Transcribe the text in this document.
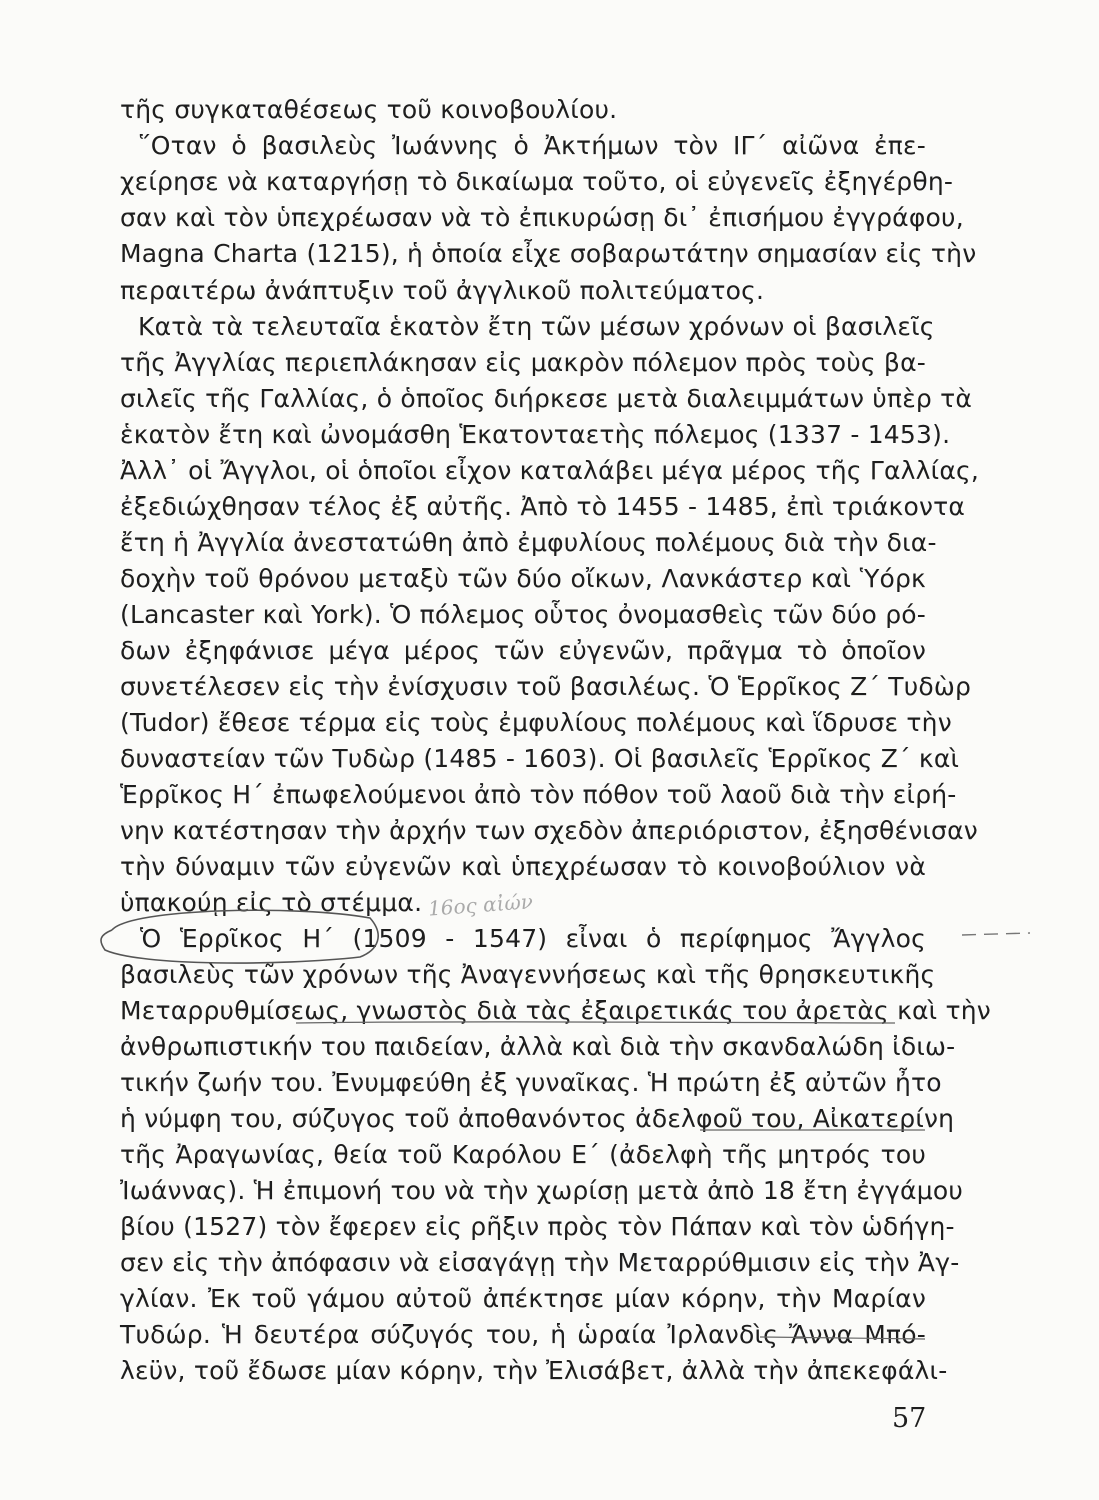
τῆς συγκαταθέσεως τοῦ κοινοβουλίου.
῞Οταν ὁ βασιλεὺς Ἰωάννης ὁ Ἀκτήμων τὸν ΙΓ΄ αἰῶνα ἐπε-
χείρησε νὰ καταργήσῃ τὸ δικαίωμα τοῦτο, οἱ εὐγενεῖς ἐξηγέρθη-
σαν καὶ τὸν ὑπεχρέωσαν νὰ τὸ ἐπικυρώσῃ δι᾽ ἐπισήμου ἐγγράφου,
Magna Charta (1215), ἡ ὁποία εἶχε σοβαρωτάτην σημασίαν εἰς τὴν
περαιτέρω ἀνάπτυξιν τοῦ ἀγγλικοῦ πολιτεύματος.
Κατὰ τὰ τελευταῖα ἑκατὸν ἔτη τῶν μέσων χρόνων οἱ βασιλεῖς
τῆς Ἀγγλίας περιεπλάκησαν εἰς μακρὸν πόλεμον πρὸς τοὺς βα-
σιλεῖς τῆς Γαλλίας, ὁ ὁποῖος διήρκεσε μετὰ διαλειμμάτων ὑπὲρ τὰ
ἑκατὸν ἔτη καὶ ὠνομάσθη Ἑκατονταετὴς πόλεμος (1337 - 1453).
Ἀλλ᾽ οἱ Ἄγγλοι, οἱ ὁποῖοι εἶχον καταλάβει μέγα μέρος τῆς Γαλλίας,
ἐξεδιώχθησαν τέλος ἐξ αὐτῆς. Ἀπὸ τὸ 1455 - 1485, ἐπὶ τριάκοντα
ἔτη ἡ Ἀγγλία ἀνεστατώθη ἀπὸ ἐμφυλίους πολέμους διὰ τὴν δια-
δοχὴν τοῦ θρόνου μεταξὺ τῶν δύο οἴκων, Λανκάστερ καὶ Ὑόρκ
(Lancaster καὶ York). Ὁ πόλεμος οὗτος ὀνομασθεὶς τῶν δύο ρό-
δων ἐξηφάνισε μέγα μέρος τῶν εὐγενῶν, πρᾶγμα τὸ ὁποῖον
συνετέλεσεν εἰς τὴν ἐνίσχυσιν τοῦ βασιλέως. Ὁ Ἑρρῖκος Ζ΄ Τυδὼρ
(Tudor) ἔθεσε τέρμα εἰς τοὺς ἐμφυλίους πολέμους καὶ ἵδρυσε τὴν
δυναστείαν τῶν Τυδὼρ (1485 - 1603). Οἱ βασιλεῖς Ἑρρῖκος Ζ΄ καὶ
Ἑρρῖκος Η΄ ἐπωφελούμενοι ἀπὸ τὸν πόθον τοῦ λαοῦ διὰ τὴν εἰρή-
νην κατέστησαν τὴν ἀρχήν των σχεδὸν ἀπεριόριστον, ἐξησθένισαν
τὴν δύναμιν τῶν εὐγενῶν καὶ ὑπεχρέωσαν τὸ κοινοβούλιον νὰ
ὑπακούῃ εἰς τὸ στέμμα.
Ὁ Ἑρρῖκος Η΄ (1509 - 1547) εἶναι ὁ περίφημος Ἄγγλος
βασιλεὺς τῶν χρόνων τῆς Ἀναγεννήσεως καὶ τῆς θρησκευτικῆς
Μεταρρυθμίσεως, γνωστὸς διὰ τὰς ἐξαιρετικάς του ἀρετὰς καὶ τὴν
ἀνθρωπιστικήν του παιδείαν, ἀλλὰ καὶ διὰ τὴν σκανδαλώδη ἰδιω-
τικήν ζωήν του. Ἐνυμφεύθη ἐξ γυναῖκας. Ἡ πρώτη ἐξ αὐτῶν ἦτο
ἡ νύμφη του, σύζυγος τοῦ ἀποθανόντος ἀδελφοῦ του, Αἰκατερίνη
τῆς Ἀραγωνίας, θεία τοῦ Καρόλου Ε΄ (ἀδελφὴ τῆς μητρός του
Ἰωάννας). Ἡ ἐπιμονή του νὰ τὴν χωρίσῃ μετὰ ἀπὸ 18 ἔτη ἐγγάμου
βίου (1527) τὸν ἔφερεν εἰς ρῆξιν πρὸς τὸν Πάπαν καὶ τὸν ὡδήγη-
σεν εἰς τὴν ἀπόφασιν νὰ εἰσαγάγῃ τὴν Μεταρρύθμισιν εἰς τὴν Ἀγ-
γλίαν. Ἐκ τοῦ γάμου αὐτοῦ ἀπέκτησε μίαν κόρην, τὴν Μαρίαν
Τυδώρ. Ἡ δευτέρα σύζυγός του, ἡ ὡραία Ἰρλανδὶς Ἄννα Μπό-
λεϋν, τοῦ ἔδωσε μίαν κόρην, τὴν Ἐλισάβετ, ἀλλὰ τὴν ἀπεκεφάλι-
16ος αἰών
57
